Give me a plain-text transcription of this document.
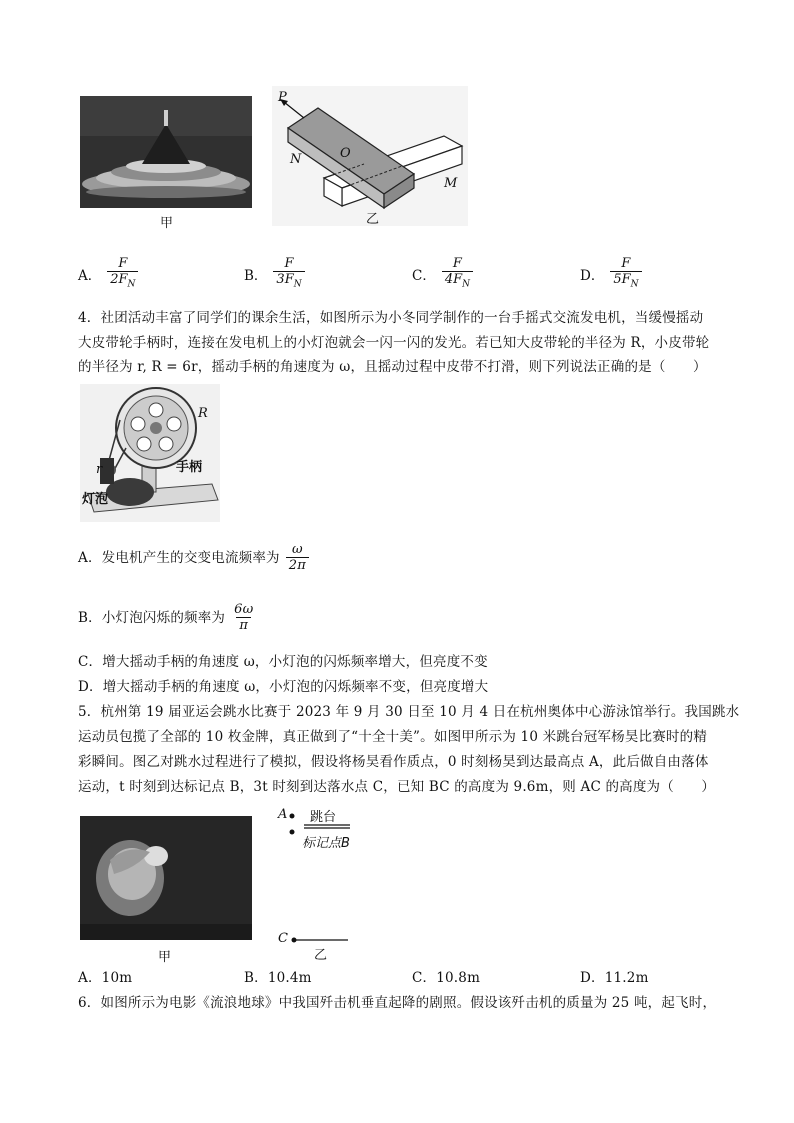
甲
P
N	O
M
乙
A． $\frac{F}{2F_N}$	B． $\frac{F}{3F_N}$	C． $\frac{F}{4F_N}$	D． $\frac{F}{5F_N}$
4．社团活动丰富了同学们的课余生活，如图所示为小冬同学制作的一台手摇式交流发电机，当缓慢摇动
大皮带轮手柄时，连接在发电机上的小灯泡就会一闪一闪的发光。若已知大皮带轮的半径为 R，小皮带轮
的半径为 r, R = 6r，摇动手柄的角速度为 ω，且摇动过程中皮带不打滑，则下列说法正确的是（　　）
R
r	手柄
灯泡
A．发电机产生的交变电流频率为 $\frac{\omega}{2\pi}$
B．小灯泡闪烁的频率为 $\frac{6\omega}{\pi}$
C．增大摇动手柄的角速度 ω，小灯泡的闪烁频率增大，但亮度不变
D．增大摇动手柄的角速度 ω，小灯泡的闪烁频率不变，但亮度增大
5．杭州第 19 届亚运会跳水比赛于 2023 年 9 月 30 日至 10 月 4 日在杭州奥体中心游泳馆举行。我国跳水
运动员包揽了全部的 10 枚金牌，真正做到了“十全十美”。如图甲所示为 10 米跳台冠军杨昊比赛时的精
彩瞬间。图乙对跳水过程进行了模拟，假设将杨昊看作质点，0 时刻杨昊到达最高点 A，此后做自由落体
运动，t 时刻到达标记点 B，3t 时刻到达落水点 C，已知 BC 的高度为 9.6m，则 AC 的高度为（　　）
甲
A 跳台
标记点B
C
乙
A．10m	B．10.4m	C．10.8m	D．11.2m
6．如图所示为电影《流浪地球》中我国歼击机垂直起降的剧照。假设该歼击机的质量为 25 吨，起飞时，
